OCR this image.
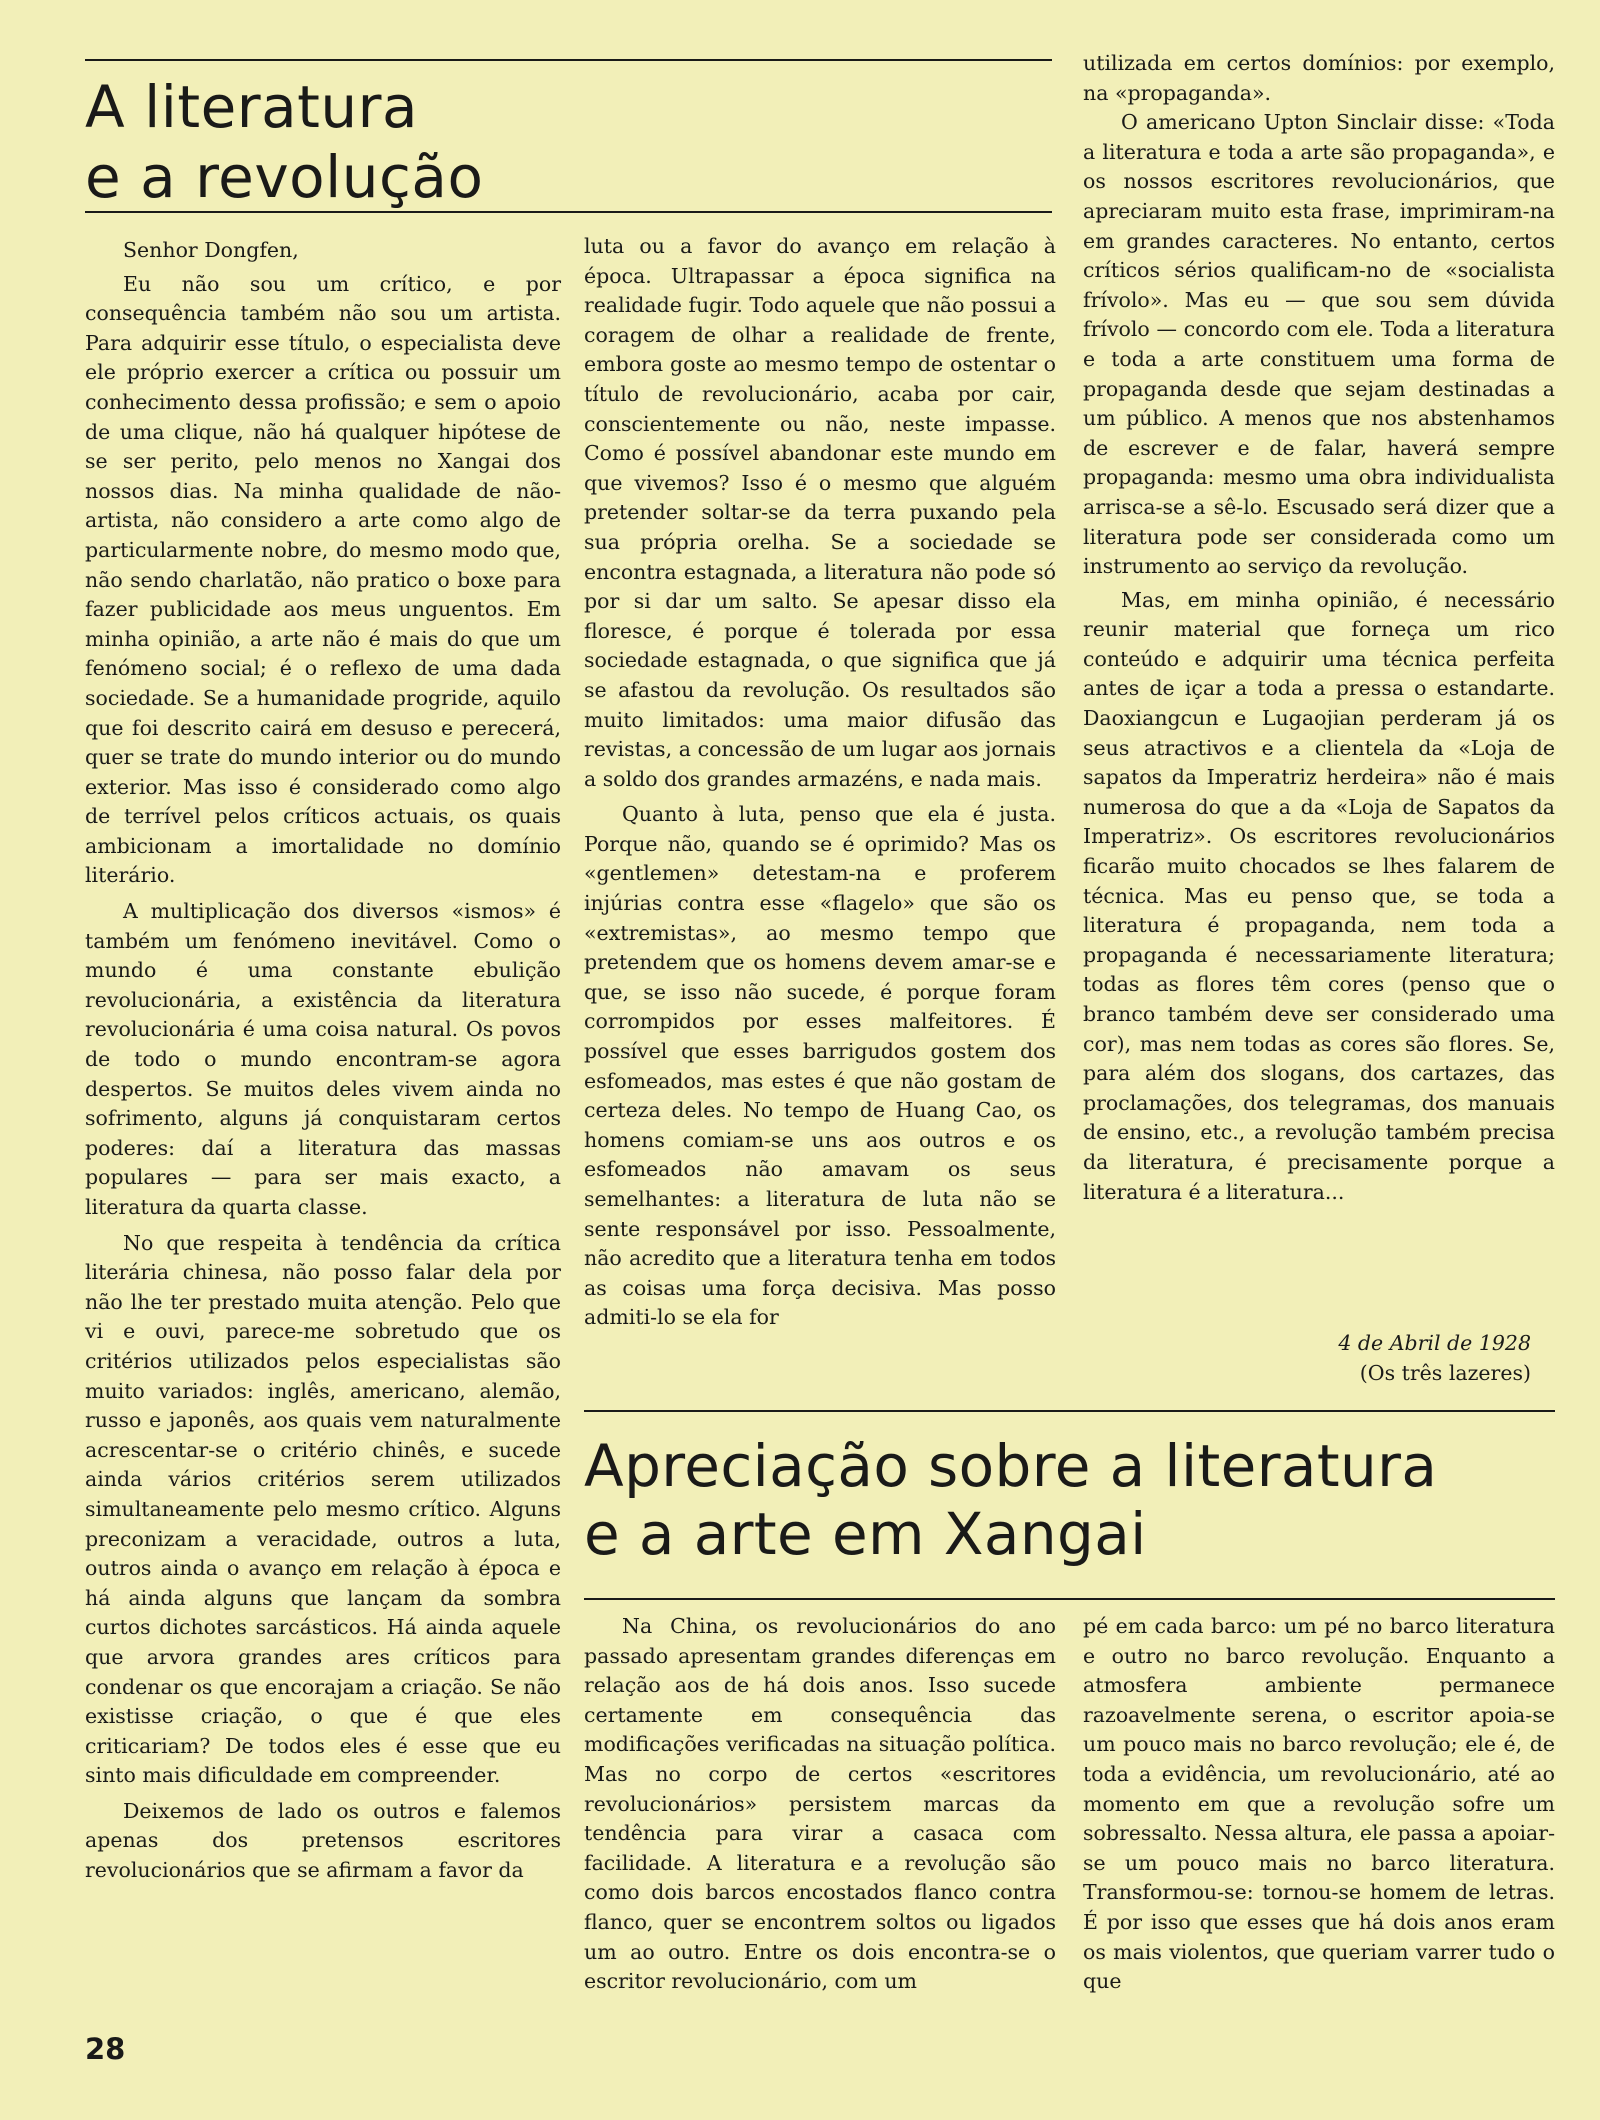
A literatura
e a revolução

Senhor Dongfen,

Eu não sou um crítico, e por consequência também não sou um artista. Para adquirir esse título, o especialista deve ele próprio exercer a crítica ou possuir um conhecimento dessa profissão; e sem o apoio de uma clique, não há qualquer hipótese de se ser perito, pelo menos no Xangai dos nossos dias. Na minha qualidade de não-artista, não considero a arte como algo de particularmente nobre, do mesmo modo que, não sendo charlatão, não pratico o boxe para fazer publicidade aos meus unguentos. Em minha opinião, a arte não é mais do que um fenómeno social; é o reflexo de uma dada sociedade. Se a humanidade progride, aquilo que foi descrito cairá em desuso e perecerá, quer se trate do mundo interior ou do mundo exterior. Mas isso é considerado como algo de terrível pelos críticos actuais, os quais ambicionam a imortalidade no domínio literário.

A multiplicação dos diversos «ismos» é também um fenómeno inevitável. Como o mundo é uma constante ebulição revolucionária, a existência da literatura revolucionária é uma coisa natural. Os povos de todo o mundo encontram-se agora despertos. Se muitos deles vivem ainda no sofrimento, alguns já conquistaram certos poderes: daí a literatura das massas populares — para ser mais exacto, a literatura da quarta classe.

No que respeita à tendência da crítica literária chinesa, não posso falar dela por não lhe ter prestado muita atenção. Pelo que vi e ouvi, parece-me sobretudo que os critérios utilizados pelos especialistas são muito variados: inglês, americano, alemão, russo e japonês, aos quais vem naturalmente acrescentar-se o critério chinês, e sucede ainda vários critérios serem utilizados simultaneamente pelo mesmo crítico. Alguns preconizam a veracidade, outros a luta, outros ainda o avanço em relação à época e há ainda alguns que lançam da sombra curtos dichotes sarcásticos. Há ainda aquele que arvora grandes ares críticos para condenar os que encorajam a criação. Se não existisse criação, o que é que eles criticariam? De todos eles é esse que eu sinto mais dificuldade em compreender.

Deixemos de lado os outros e falemos apenas dos pretensos escritores revolucionários que se afirmam a favor da

luta ou a favor do avanço em relação à época. Ultrapassar a época significa na realidade fugir. Todo aquele que não possui a coragem de olhar a realidade de frente, embora goste ao mesmo tempo de ostentar o título de revolucionário, acaba por cair, conscientemente ou não, neste impasse. Como é possível abandonar este mundo em que vivemos? Isso é o mesmo que alguém pretender soltar-se da terra puxando pela sua própria orelha. Se a sociedade se encontra estagnada, a literatura não pode só por si dar um salto. Se apesar disso ela floresce, é porque é tolerada por essa sociedade estagnada, o que significa que já se afastou da revolução. Os resultados são muito limitados: uma maior difusão das revistas, a concessão de um lugar aos jornais a soldo dos grandes armazéns, e nada mais.

Quanto à luta, penso que ela é justa. Porque não, quando se é oprimido? Mas os «gentlemen» detestam-na e proferem injúrias contra esse «flagelo» que são os «extremistas», ao mesmo tempo que pretendem que os homens devem amar-se e que, se isso não sucede, é porque foram corrompidos por esses malfeitores. É possível que esses barrigudos gostem dos esfomeados, mas estes é que não gostam de certeza deles. No tempo de Huang Cao, os homens comiam-se uns aos outros e os esfomeados não amavam os seus semelhantes: a literatura de luta não se sente responsável por isso. Pessoalmente, não acredito que a literatura tenha em todos as coisas uma força decisiva. Mas posso admiti-lo se ela for

utilizada em certos domínios: por exemplo, na «propaganda».

O americano Upton Sinclair disse: «Toda a literatura e toda a arte são propaganda», e os nossos escritores revolucionários, que apreciaram muito esta frase, imprimiram-na em grandes caracteres. No entanto, certos críticos sérios qualificam-no de «socialista frívolo». Mas eu — que sou sem dúvida frívolo — concordo com ele. Toda a literatura e toda a arte constituem uma forma de propaganda desde que sejam destinadas a um público. A menos que nos abstenhamos de escrever e de falar, haverá sempre propaganda: mesmo uma obra individualista arrisca-se a sê-lo. Escusado será dizer que a literatura pode ser considerada como um instrumento ao serviço da revolução.

Mas, em minha opinião, é necessário reunir material que forneça um rico conteúdo e adquirir uma técnica perfeita antes de içar a toda a pressa o estandarte. Daoxiangcun e Lugaojian perderam já os seus atractivos e a clientela da «Loja de sapatos da Imperatriz herdeira» não é mais numerosa do que a da «Loja de Sapatos da Imperatriz». Os escritores revolucionários ficarão muito chocados se lhes falarem de técnica. Mas eu penso que, se toda a literatura é propaganda, nem toda a propaganda é necessariamente literatura; todas as flores têm cores (penso que o branco também deve ser considerado uma cor), mas nem todas as cores são flores. Se, para além dos slogans, dos cartazes, das proclamações, dos telegramas, dos manuais de ensino, etc., a revolução também precisa da literatura, é precisamente porque a literatura é a literatura...

4 de Abril de 1928
(Os três lazeres)
Apreciação sobre a literatura
e a arte em Xangai

Na China, os revolucionários do ano passado apresentam grandes diferenças em relação aos de há dois anos. Isso sucede certamente em consequência das modificações verificadas na situação política. Mas no corpo de certos «escritores revolucionários» persistem marcas da tendência para virar a casaca com facilidade. A literatura e a revolução são como dois barcos encostados flanco contra flanco, quer se encontrem soltos ou ligados um ao outro. Entre os dois encontra-se o escritor revolucionário, com um

pé em cada barco: um pé no barco literatura e outro no barco revolução. Enquanto a atmosfera ambiente permanece razoavelmente serena, o escritor apoia-se um pouco mais no barco revolução; ele é, de toda a evidência, um revolucionário, até ao momento em que a revolução sofre um sobressalto. Nessa altura, ele passa a apoiar-se um pouco mais no barco literatura. Transformou-se: tornou-se homem de letras. É por isso que esses que há dois anos eram os mais violentos, que queriam varrer tudo o que

28
